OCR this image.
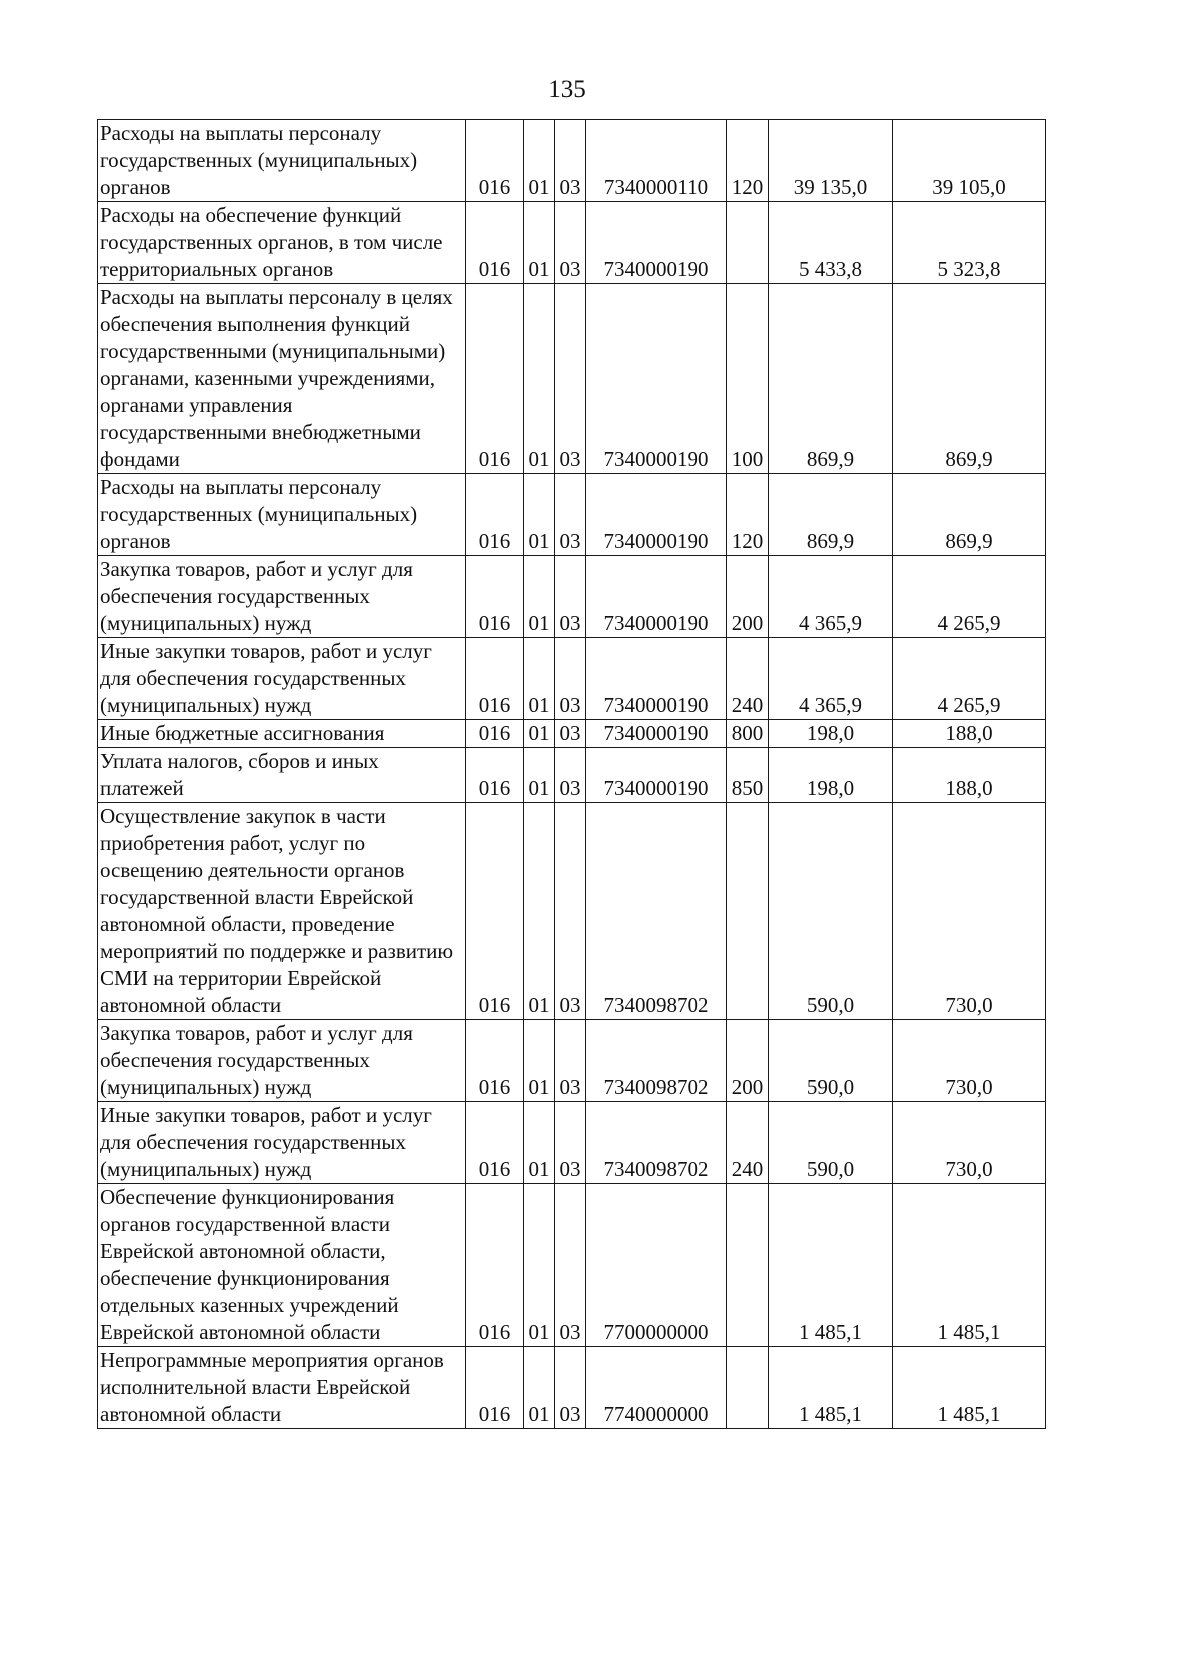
135
Расходы на выплаты персоналу государственных (муниципальных) органов	016	01	03	7340000110	120	39 135,0	39 105,0
Расходы на обеспечение функций государственных органов, в том числе территориальных органов	016	01	03	7340000190		5 433,8	5 323,8
Расходы на выплаты персоналу в целях обеспечения выполнения функций государственными (муниципальными) органами, казенными учреждениями, органами управления государственными внебюджетными фондами	016	01	03	7340000190	100	869,9	869,9
Расходы на выплаты персоналу государственных (муниципальных) органов	016	01	03	7340000190	120	869,9	869,9
Закупка товаров, работ и услуг для обеспечения государственных (муниципальных) нужд	016	01	03	7340000190	200	4 365,9	4 265,9
Иные закупки товаров, работ и услуг для обеспечения государственных (муниципальных) нужд	016	01	03	7340000190	240	4 365,9	4 265,9
Иные бюджетные ассигнования	016	01	03	7340000190	800	198,0	188,0
Уплата налогов, сборов и иных платежей	016	01	03	7340000190	850	198,0	188,0
Осуществление закупок в части приобретения работ, услуг по освещению деятельности органов государственной власти Еврейской автономной области, проведение мероприятий по поддержке и развитию СМИ на территории Еврейской автономной области	016	01	03	7340098702		590,0	730,0
Закупка товаров, работ и услуг для обеспечения государственных (муниципальных) нужд	016	01	03	7340098702	200	590,0	730,0
Иные закупки товаров, работ и услуг для обеспечения государственных (муниципальных) нужд	016	01	03	7340098702	240	590,0	730,0
Обеспечение функционирования органов государственной власти Еврейской автономной области, обеспечение функционирования отдельных казенных учреждений Еврейской автономной области	016	01	03	7700000000		1 485,1	1 485,1
Непрограммные мероприятия органов исполнительной власти Еврейской автономной области	016	01	03	7740000000		1 485,1	1 485,1
